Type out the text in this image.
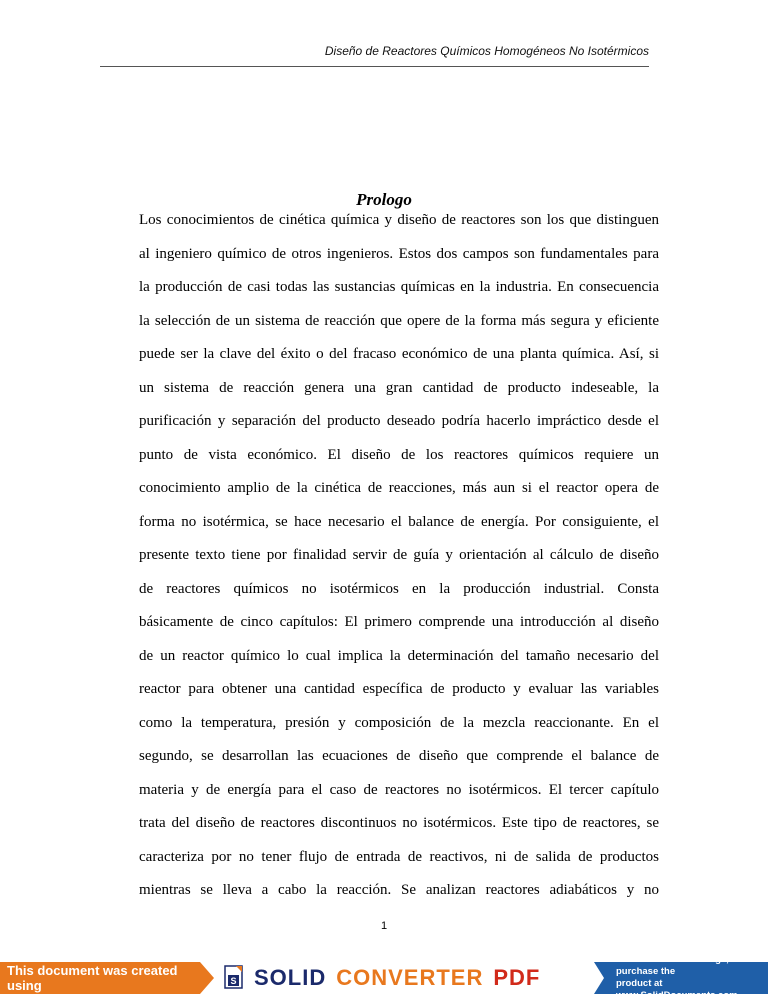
Diseño de Reactores Químicos Homogéneos No Isotérmicos
Prologo
Los conocimientos de cinética química y diseño de reactores son los que distinguen
al ingeniero químico de otros ingenieros. Estos dos campos son fundamentales para
la producción de casi todas las sustancias químicas en la industria. En consecuencia
la selección de un sistema de reacción que opere de la forma más segura y eficiente
puede ser la clave del éxito o del fracaso económico de una planta química. Así, si
un sistema de reacción genera una gran cantidad de producto indeseable, la
purificación y separación del producto deseado podría hacerlo impráctico desde el
punto de vista económico. El diseño de los reactores químicos requiere un
conocimiento amplio de la cinética de reacciones, más aun si el reactor opera de
forma no isotérmica, se hace necesario el balance de energía. Por consiguiente, el
presente texto tiene por finalidad servir de guía y orientación al cálculo de diseño
de reactores químicos no isotérmicos en la producción industrial. Consta
básicamente de cinco capítulos: El primero comprende una introducción al diseño
de un reactor químico lo cual implica la determinación del tamaño necesario del
reactor para obtener una cantidad específica de producto y evaluar las variables
como la temperatura, presión y composición de la mezcla reaccionante. En el
segundo, se desarrollan las ecuaciones de diseño que comprende el balance de
materia y de energía para el caso de reactores no isotérmicos. El tercer capítulo
trata del diseño de reactores discontinuos no isotérmicos. Este tipo de reactores, se
caracteriza por no tener flujo de entrada de reactivos, ni de salida de productos
mientras se lleva a cabo la reacción. Se analizan reactores adiabáticos y no
1
This document was created using	S SOLID CONVERTER PDF
To remove this message, purchase the
product at www.SolidDocuments.com
